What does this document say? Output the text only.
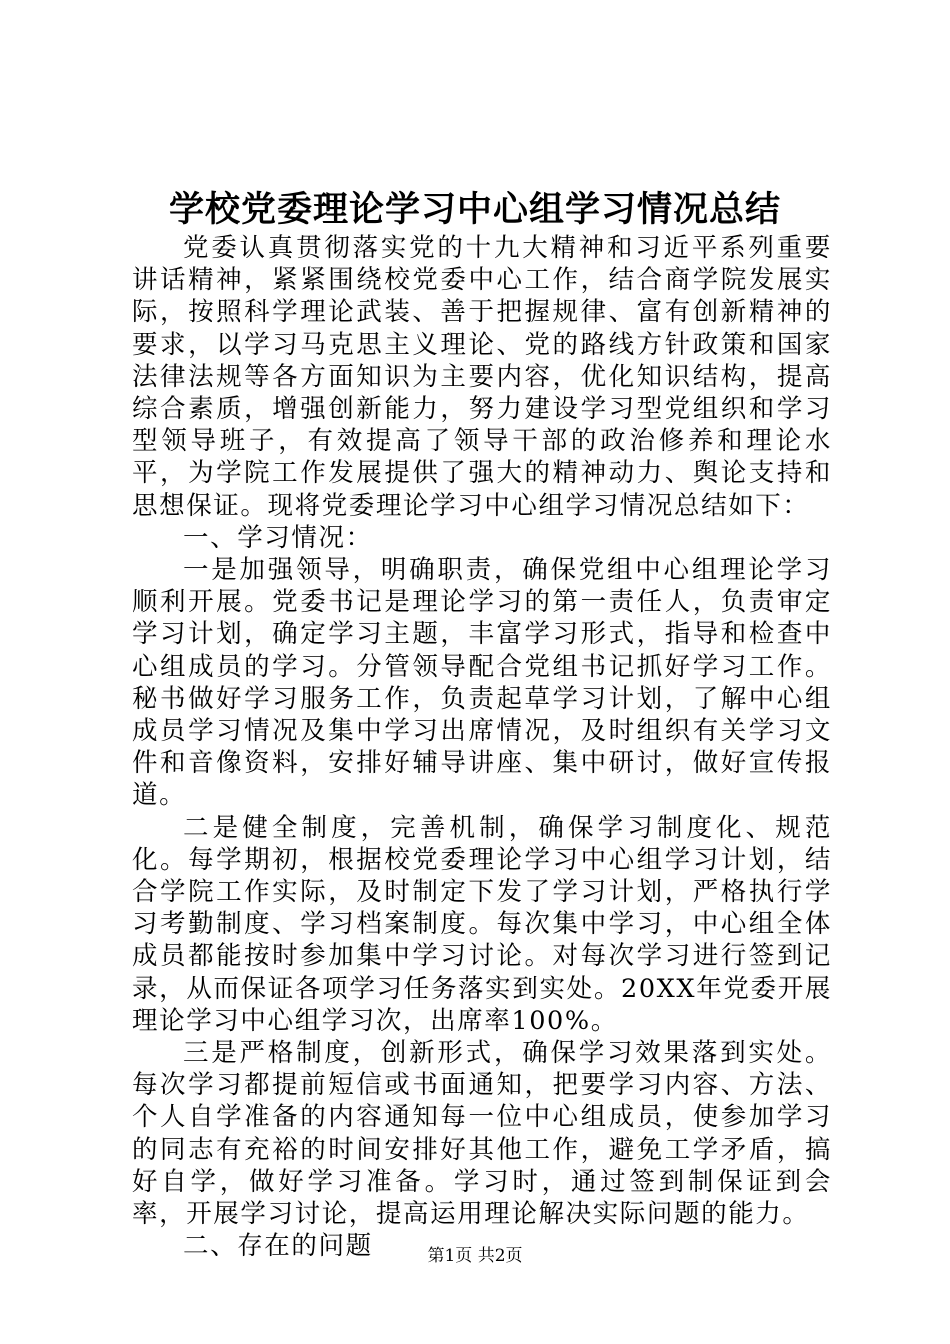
学校党委理论学习中心组学习情况总结

党委认真贯彻落实党的十九大精神和习近平系列重要讲话精神，紧紧围绕校党委中心工作，结合商学院发展实际，按照科学理论武装、善于把握规律、富有创新精神的要求，以学习马克思主义理论、党的路线方针政策和国家法律法规等各方面知识为主要内容，优化知识结构，提高综合素质，增强创新能力，努力建设学习型党组织和学习型领导班子，有效提高了领导干部的政治修养和理论水平，为学院工作发展提供了强大的精神动力、舆论支持和思想保证。现将党委理论学习中心组学习情况总结如下：

一、学习情况：

一是加强领导，明确职责，确保党组中心组理论学习顺利开展。党委书记是理论学习的第一责任人，负责审定学习计划，确定学习主题，丰富学习形式，指导和检查中心组成员的学习。分管领导配合党组书记抓好学习工作。秘书做好学习服务工作，负责起草学习计划，了解中心组成员学习情况及集中学习出席情况，及时组织有关学习文件和音像资料，安排好辅导讲座、集中研讨，做好宣传报道。

二是健全制度，完善机制，确保学习制度化、规范化。每学期初，根据校党委理论学习中心组学习计划，结合学院工作实际，及时制定下发了学习计划，严格执行学习考勤制度、学习档案制度。每次集中学习，中心组全体成员都能按时参加集中学习讨论。对每次学习进行签到记录，从而保证各项学习任务落实到实处。20XX年党委开展理论学习中心组学习次，出席率100%。

三是严格制度，创新形式，确保学习效果落到实处。每次学习都提前短信或书面通知，把要学习内容、方法、个人自学准备的内容通知每一位中心组成员，使参加学习的同志有充裕的时间安排好其他工作，避免工学矛盾，搞好自学，做好学习准备。学习时，通过签到制保证到会率，开展学习讨论，提高运用理论解决实际问题的能力。

二、存在的问题	第1页 共2页
